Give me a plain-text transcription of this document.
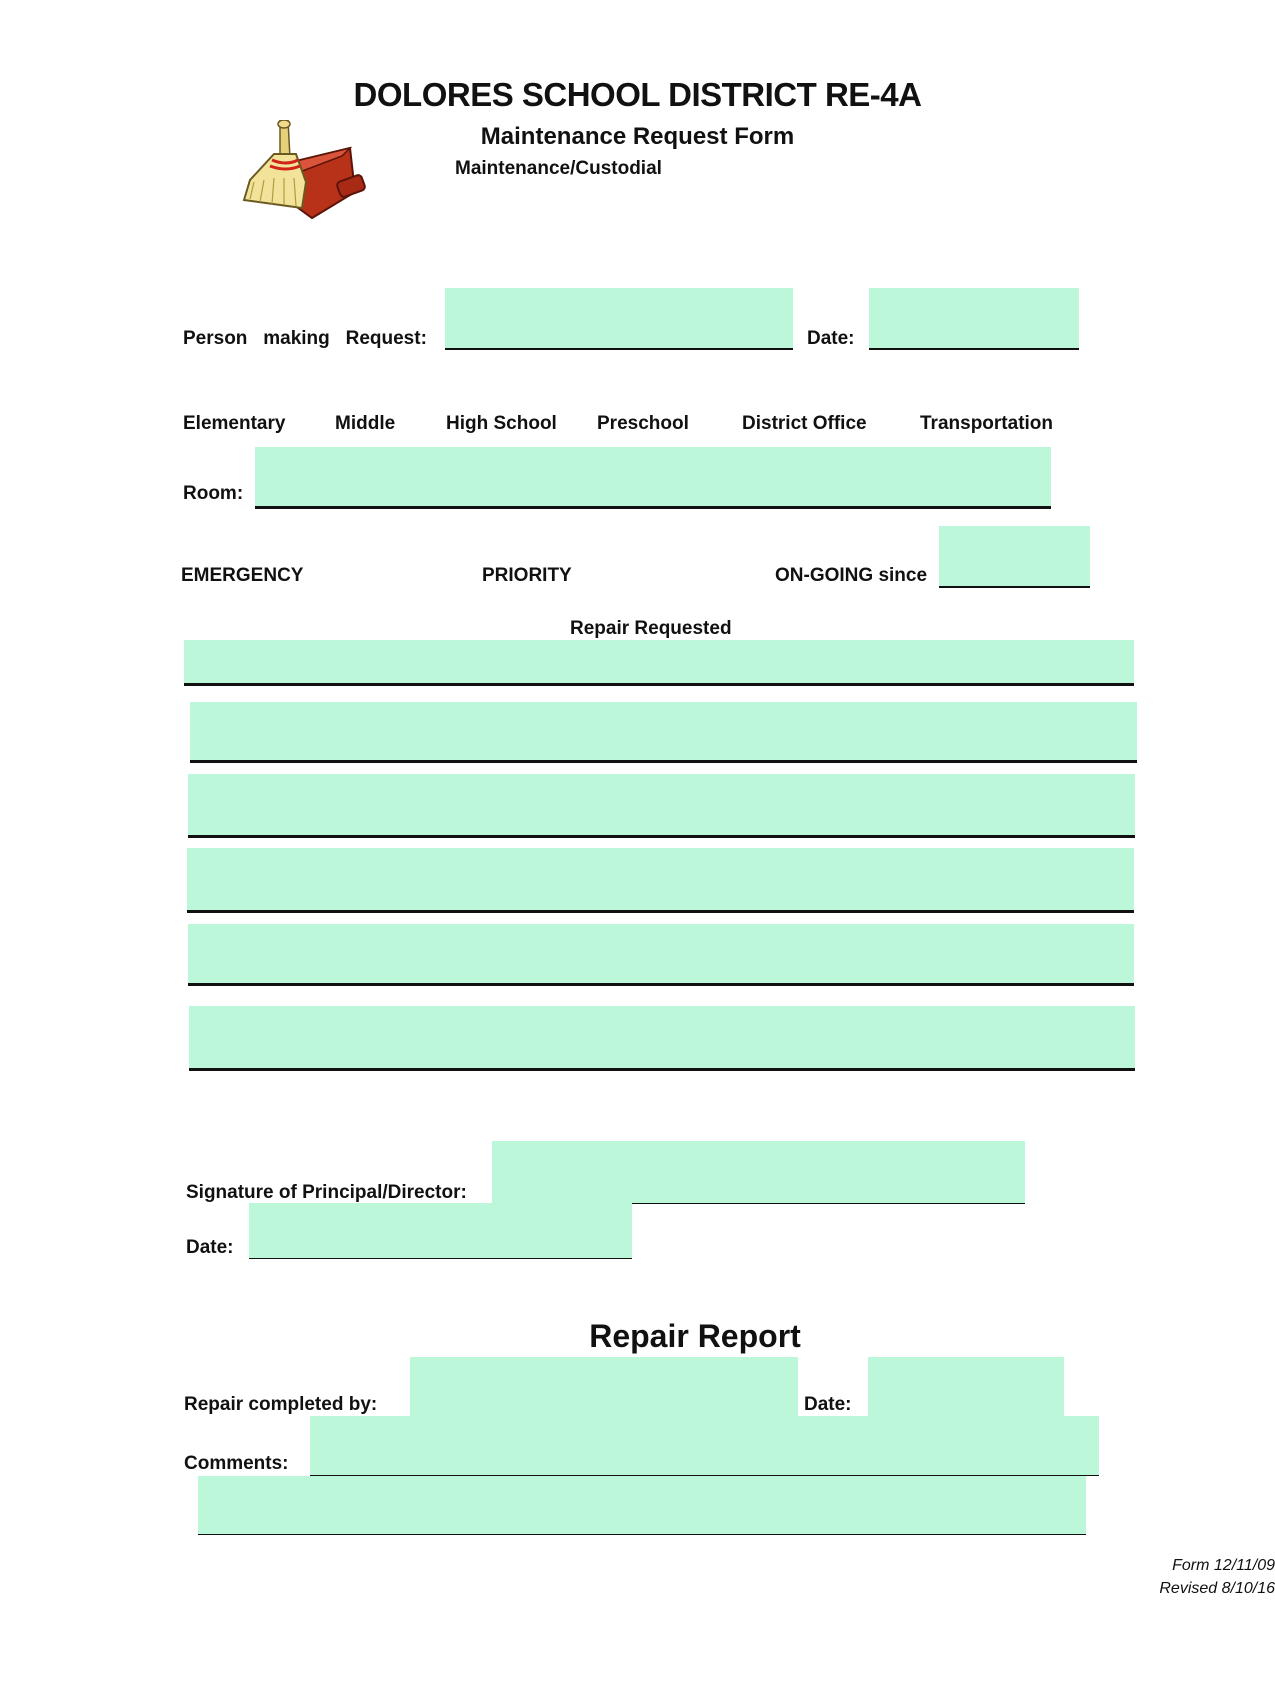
DOLORES SCHOOL DISTRICT RE-4A
Maintenance Request Form
Maintenance/Custodial
Person   making   Request:	Date:
Elementary	Middle	High School Preschool	District Office	Transportation
Room:
EMERGENCY	PRIORITY	ON-GOING since
Repair Requested
Signature of Principal/Director:
Date:
Repair Report
Repair completed by:	Date:
Comments:
Form 12/11/09
Revised 8/10/16
